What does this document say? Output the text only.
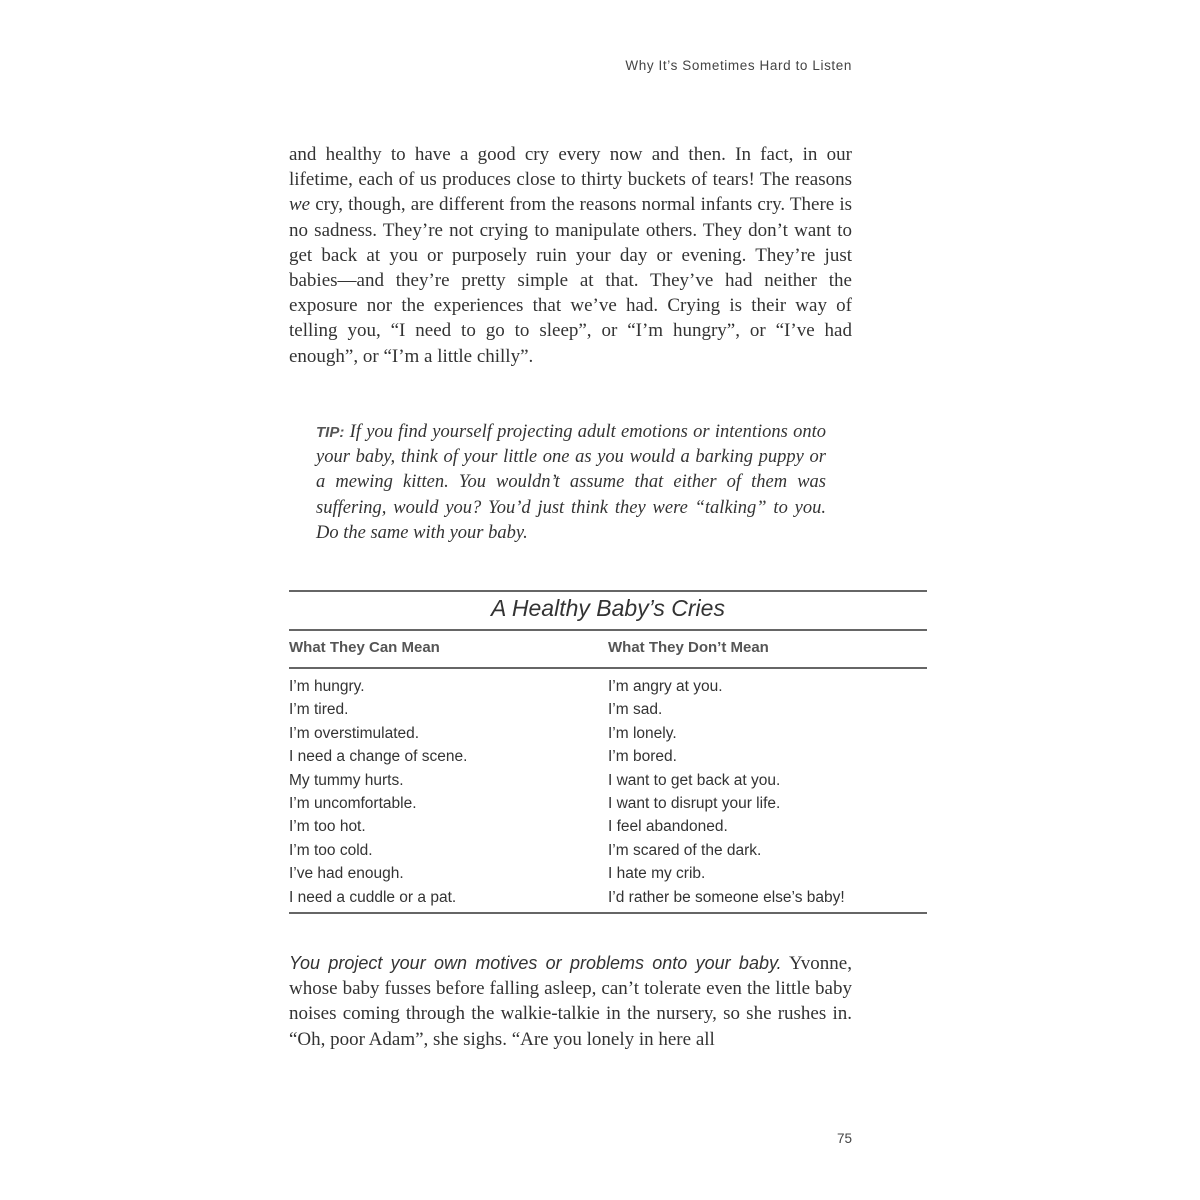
Why It’s Sometimes Hard to Listen
and healthy to have a good cry every now and then. In fact, in our lifetime, each of us produces close to thirty buckets of tears! The reasons we cry, though, are different from the reasons normal infants cry. There is no sadness. They’re not crying to manipulate others. They don’t want to get back at you or purposely ruin your day or evening. They’re just babies—and they’re pretty simple at that. They’ve had neither the exposure nor the experiences that we’ve had. Crying is their way of telling you, “I need to go to sleep”, or “I’m hungry”, or “I’ve had enough”, or “I’m a little chilly”.
TIP: If you find yourself projecting adult emotions or intentions onto your baby, think of your little one as you would a barking puppy or a mewing kitten. You wouldn’t assume that either of them was suffering, would you? You’d just think they were “talking” to you. Do the same with your baby.
A Healthy Baby’s Cries
What They Can Mean	What They Don’t Mean
I’m hungry.
I’m tired.
I’m overstimulated.
I need a change of scene.
My tummy hurts.
I’m uncomfortable.
I’m too hot.
I’m too cold.
I’ve had enough.
I need a cuddle or a pat.
I’m angry at you.
I’m sad.
I’m lonely.
I’m bored.
I want to get back at you.
I want to disrupt your life.
I feel abandoned.
I’m scared of the dark.
I hate my crib.
I’d rather be someone else’s baby!
You project your own motives or problems onto your baby. Yvonne, whose baby fusses before falling asleep, can’t tolerate even the little baby noises coming through the walkie-talkie in the nursery, so she rushes in. “Oh, poor Adam”, she sighs. “Are you lonely in here all
75
